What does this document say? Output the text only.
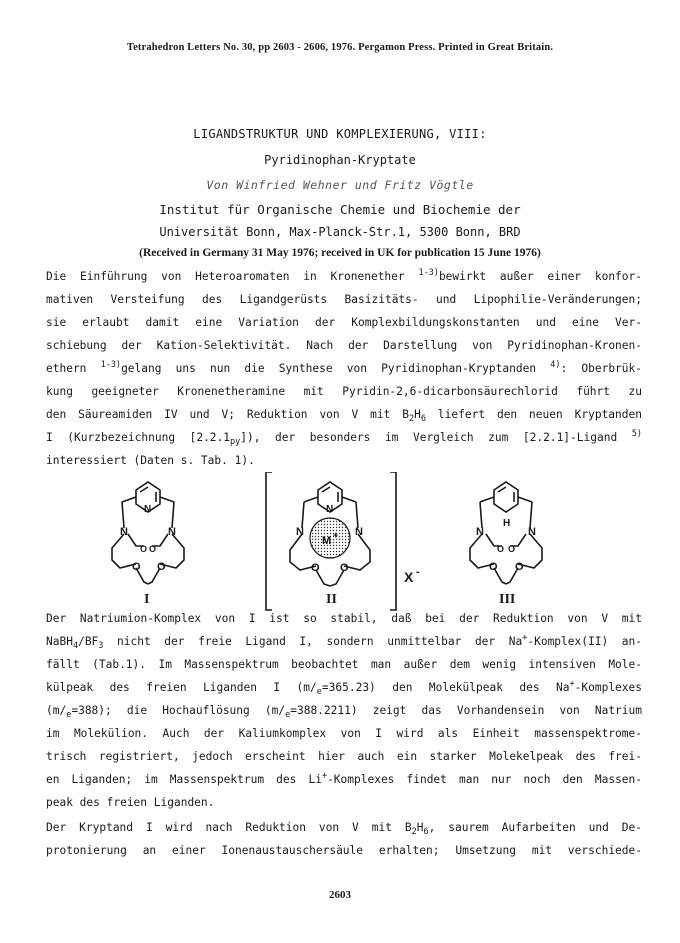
Tetrahedron Letters No. 30, pp 2603 - 2606, 1976. Pergamon Press. Printed in Great Britain.
LIGANDSTRUKTUR UND KOMPLEXIERUNG, VIII:
Pyridinophan-Kryptate
Von Winfried Wehner und Fritz Vögtle
Institut für Organische Chemie und Biochemie der
Universität Bonn, Max-Planck-Str.1, 5300 Bonn, BRD
(Received in Germany 31 May 1976; received in UK for publication 15 June 1976)
Die Einführung von Heteroaromaten in Kronenether $^{1-3)}$bewirkt außer einer konfor-
mativen Versteifung des Ligandgerüsts Basizitäts- und Lipophilie-Veränderungen;
sie erlaubt damit eine Variation der Komplexbildungskonstanten und eine Ver-
schiebung der Kation-Selektivität. Nach der Darstellung von Pyridinophan-Kronen-
ethern $^{1-3)}$gelang uns nun die Synthese von Pyridinophan-Kryptanden $^{4)}$: Oberbrük-
kung geeigneter Kronenetheramine mit Pyridin-2,6-dicarbonsäurechlorid führt zu
den Säureamiden IV und V; Reduktion von V mit $B_2H_6$ liefert den neuen Kryptanden
I (Kurzbezeichnung $[2.2.1_{py}]$), der besonders im Vergleich zum [2.2.1]-Ligand $^{5)}$
interessiert (Daten s. Tab. 1).
N
N	N
O O
O O
N
N	N
M +
O O
X -
H
N	N
O O
O O
I	II	III
Der Natriumion-Komplex von I ist so stabil, daß bei der Reduktion von V mit
$NaBH_4/BF_3$ nicht der freie Ligand I, sondern unmittelbar der Na+-Komplex(II) an-
fällt (Tab.1). Im Massenspektrum beobachtet man außer dem wenig intensiven Mole-
külpeak des freien Liganden I $(m/_e=365.23)$ den Molekülpeak des Na+-Komplexes
$(m/_e=388)$; die Hochauflösung $(m/_e=388.2211)$ zeigt das Vorhandensein von Natrium
im Molekülion. Auch der Kaliumkomplex von I wird als Einheit massenspektrome-
trisch registriert, jedoch erscheint hier auch ein starker Molekelpeak des frei-
en Liganden; im Massenspektrum des Li+-Komplexes findet man nur noch den Massen-
peak des freien Liganden.
Der Kryptand I wird nach Reduktion von V mit $B_2H_6$, saurem Aufarbeiten und De-
protonierung an einer Ionenaustauschersäule erhalten; Umsetzung mit verschiede-
2603
